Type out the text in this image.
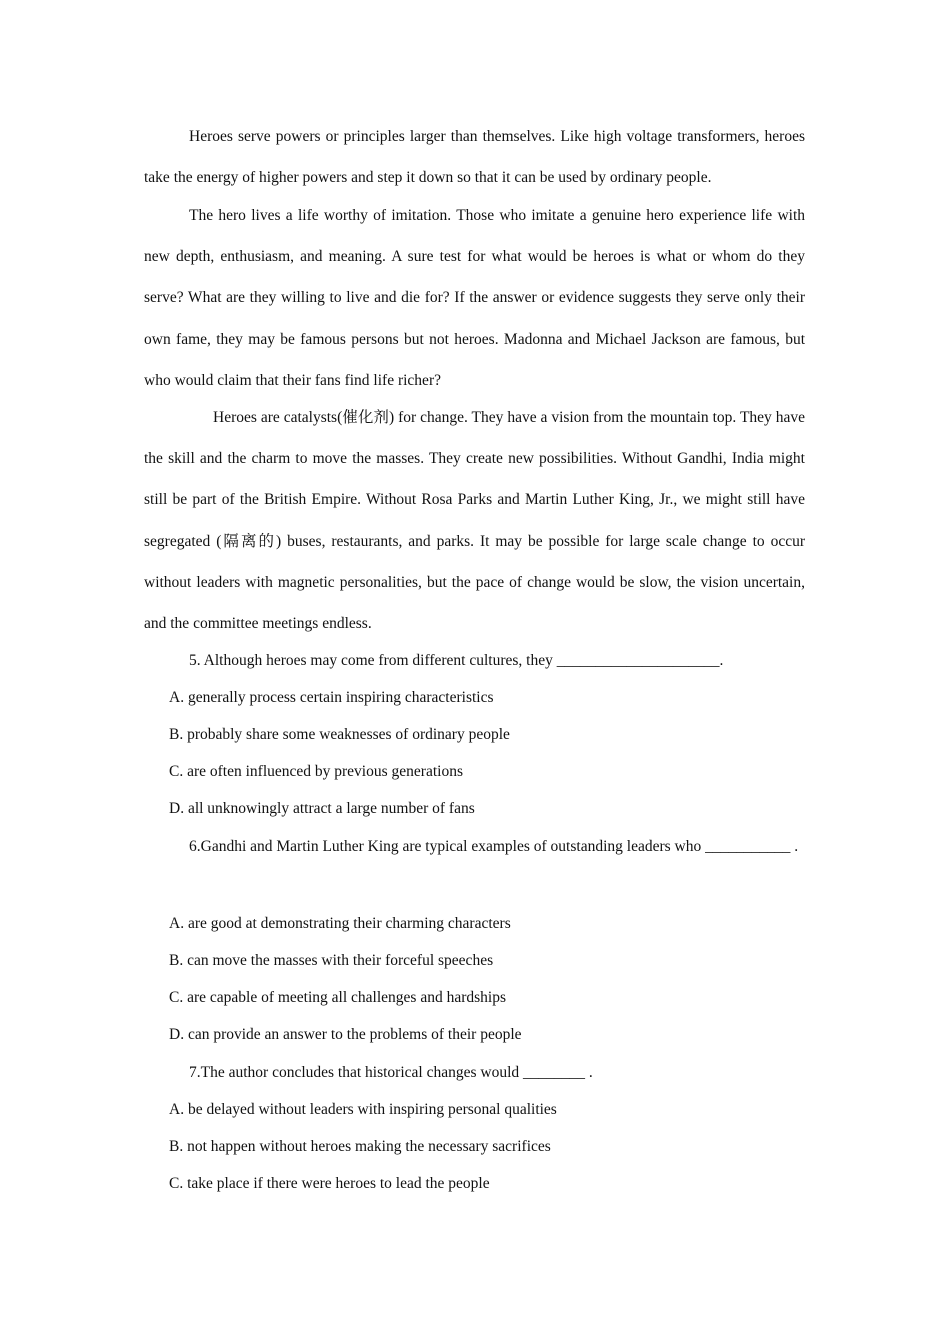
Heroes serve powers or principles larger than themselves. Like high voltage transformers, heroes take the energy of higher powers and step it down so that it can be used by ordinary people.

The hero lives a life worthy of imitation. Those who imitate a genuine hero experience life with new depth, enthusiasm, and meaning. A sure test for what would be heroes is what or whom do they serve? What are they willing to live and die for? If the answer or evidence suggests they serve only their own fame, they may be famous persons but not heroes. Madonna and Michael Jackson are famous, but who would claim that their fans find life richer?

Heroes are catalysts(催化剂) for change. They have a vision from the mountain top. They have the skill and the charm to move the masses. They create new possibilities. Without Gandhi, India might still be part of the British Empire. Without Rosa Parks and Martin Luther King, Jr., we might still have segregated (隔离的) buses, restaurants, and parks. It may be possible for large scale change to occur without leaders with magnetic personalities, but the pace of change would be slow, the vision uncertain, and the committee meetings endless.

5. Although heroes may come from different cultures, they _____________________.

A. generally process certain inspiring characteristics

B. probably share some weaknesses of ordinary people

C. are often influenced by previous generations

D. all unknowingly attract a large number of fans

6.Gandhi and Martin Luther King are typical examples of outstanding leaders who ___________ .

A. are good at demonstrating their charming characters

B. can move the masses with their forceful speeches

C. are capable of meeting all challenges and hardships

D. can provide an answer to the problems of their people

7.The author concludes that historical changes would ________ .

A. be delayed without leaders with inspiring personal qualities

B. not happen without heroes making the necessary sacrifices

C. take place if there were heroes to lead the people
